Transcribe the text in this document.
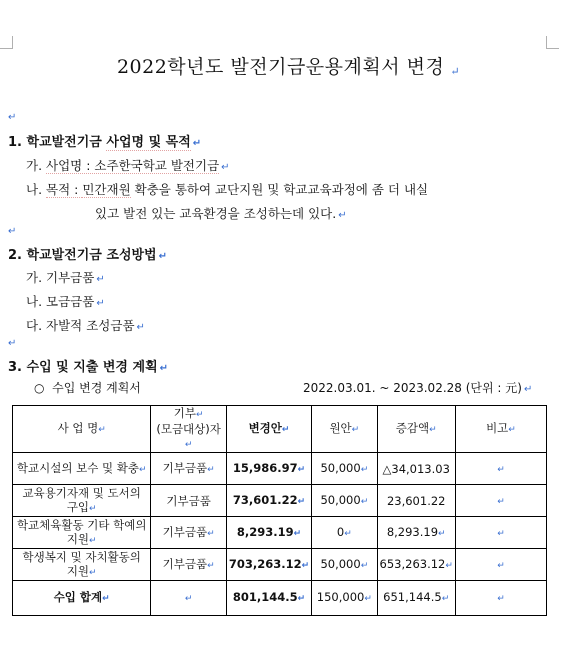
2022학년도 발전기금운용계획서 변경 ↵
↵
1. 학교발전기금 사업명 및 목적 ↵
가. 사업명 : 소주한국학교 발전기금 ↵
나. 목적 : 민간재원 확충을 통하여 교단지원 및 학교교육과정에 좀 더 내실
있고 발전 있는 교육환경을 조성하는데 있다. ↵
↵
2. 학교발전기금 조성방법 ↵
가. 기부금품 ↵
나. 모금금품 ↵
다. 자발적 조성금품 ↵
↵
3. 수입 및 지출 변경 계획 ↵
○ 수입 변경 계획서	2022.03.01. ~ 2023.02.28 (단위 : 元) ↵
사 업 명↵	기부↵
(모금대상)자↵	변경안↵	원안↵	증감액↵	비고↵
학교시설의 보수 및 확충↵	기부금품↵	15,986.97↵	50,000↵	△34,013.03	↵
교육용기자재 및 도서의
구입↵	기부금품	73,601.22↵	50,000↵	23,601.22	↵
학교체육활동 기타 학예의
지원↵	기부금품↵	8,293.19↵	0↵	8,293.19↵	↵
학생복지 및 자치활동의
지원↵	기부금품↵	703,263.12↵	50,000↵	653,263.12↵	↵
수입 합계↵	↵	801,144.5↵	150,000↵	651,144.5↵	↵
